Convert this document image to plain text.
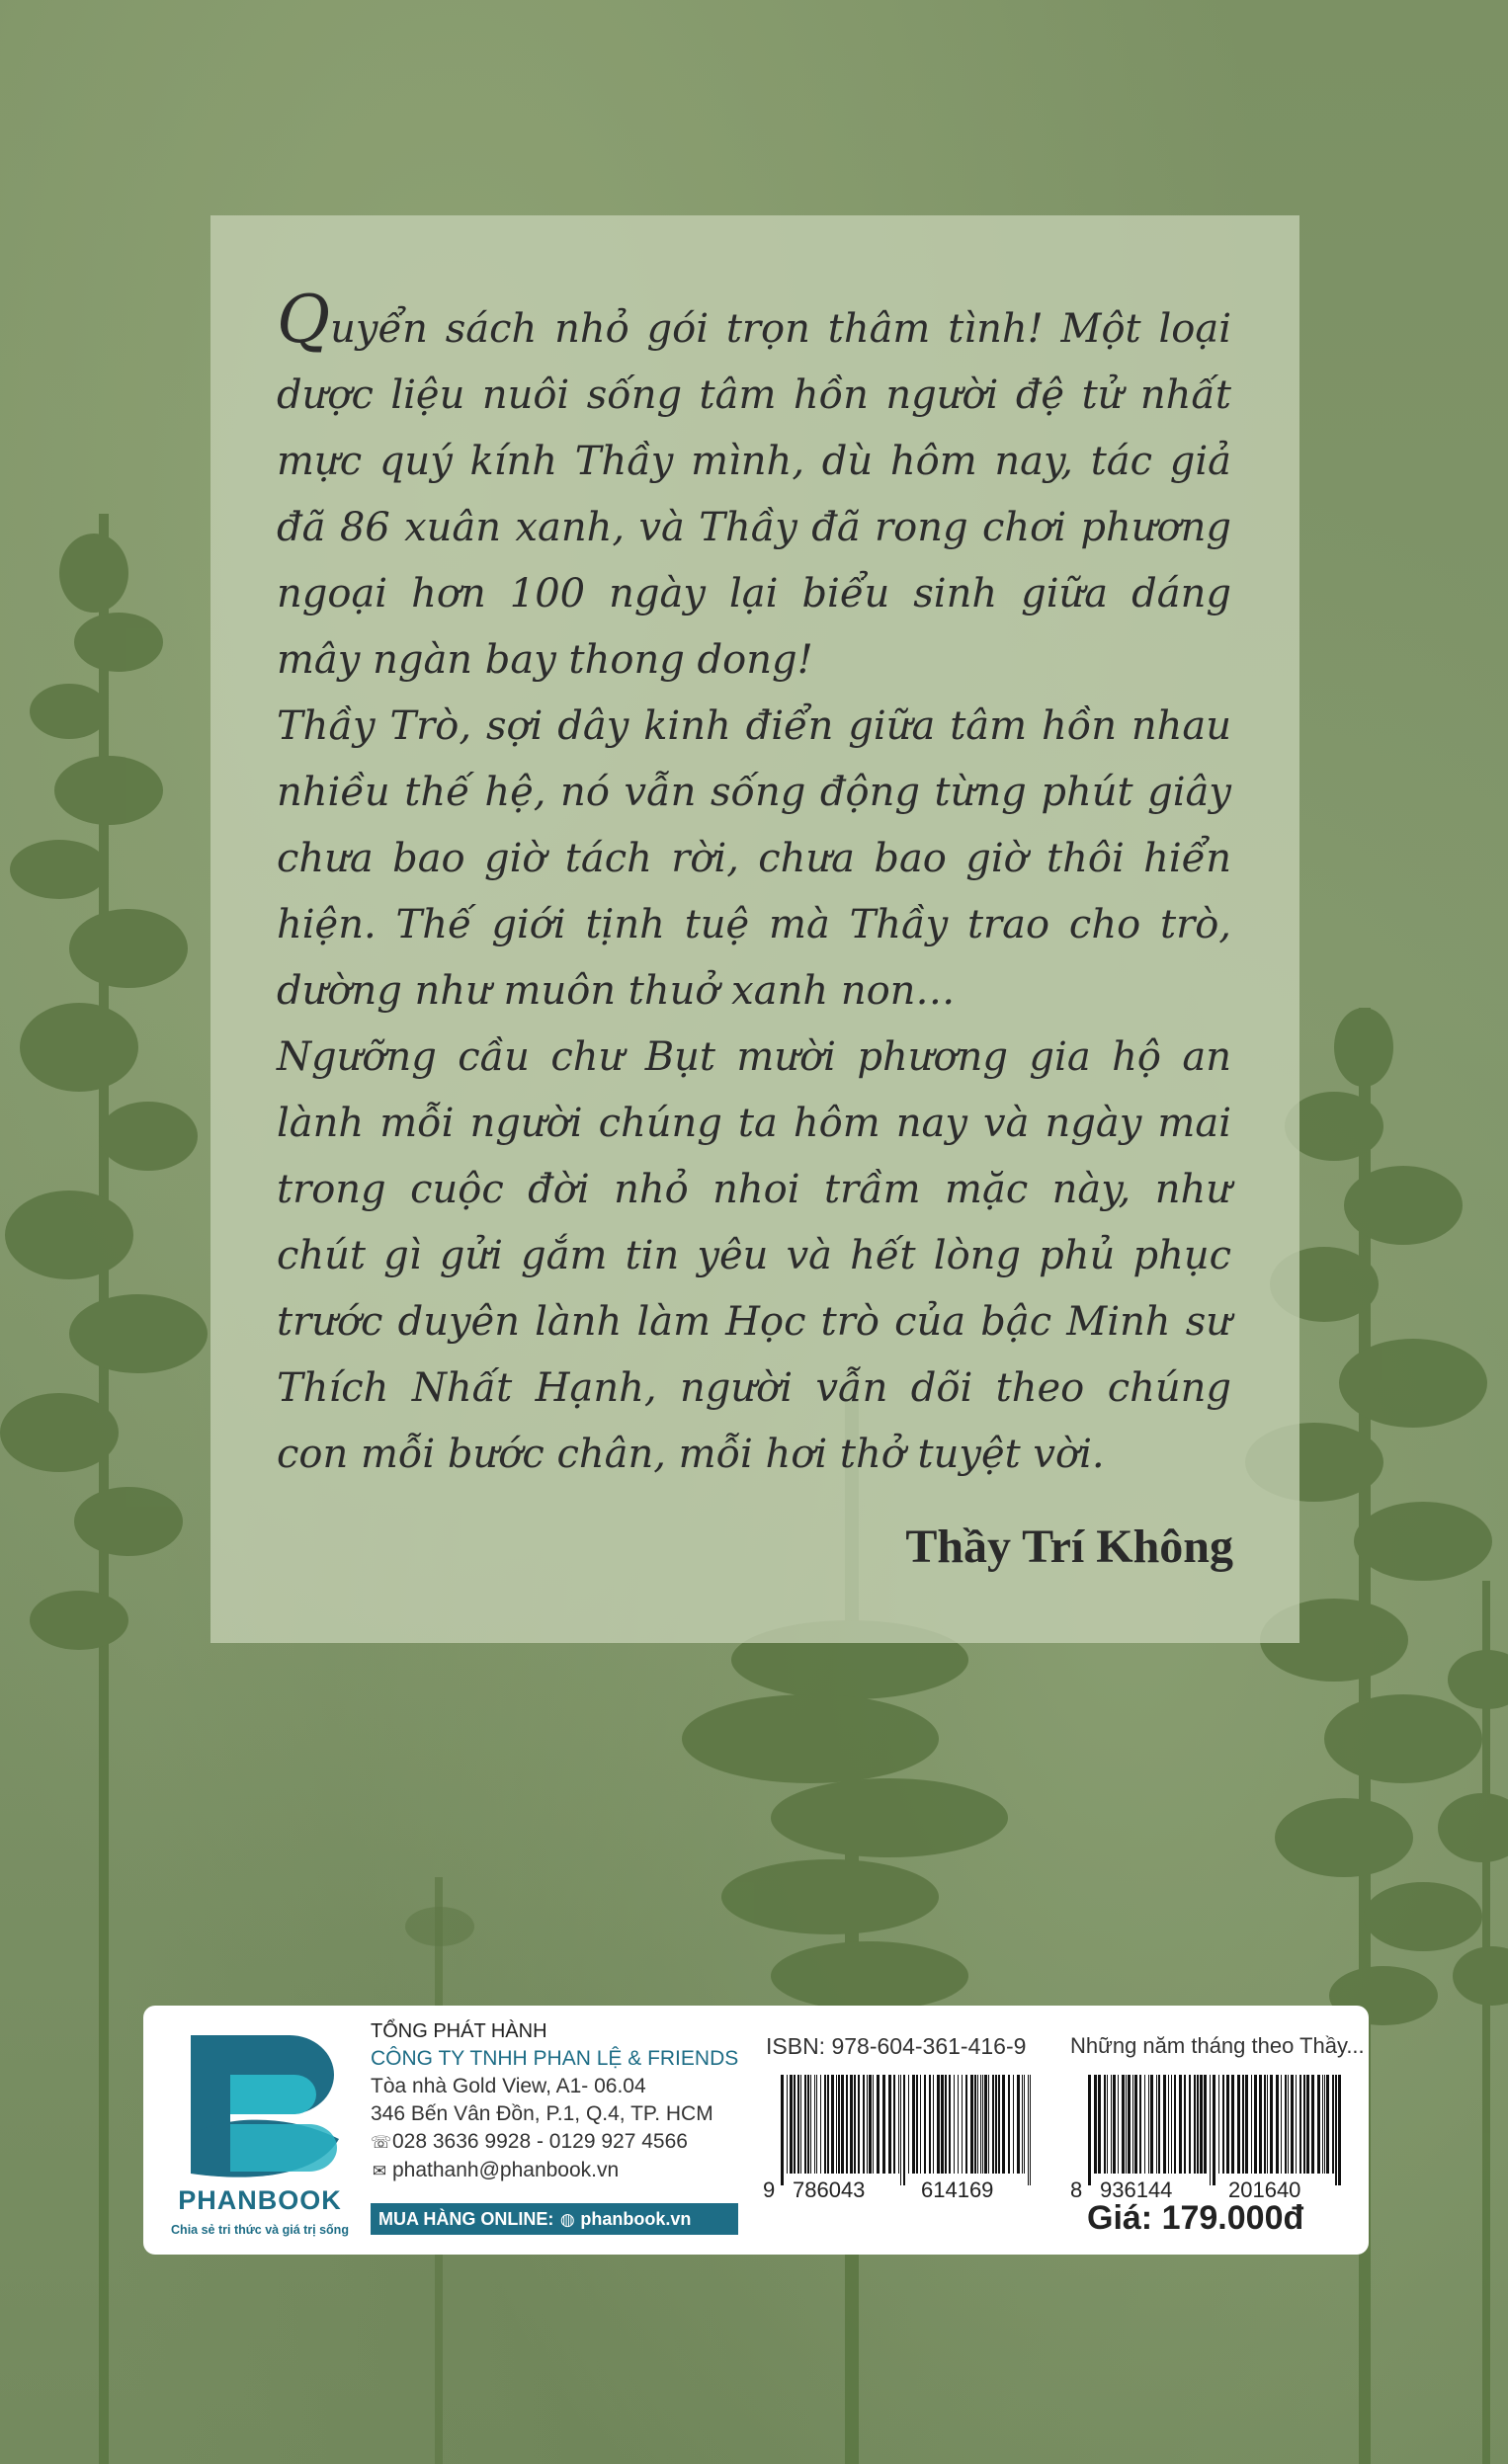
Quyển sách nhỏ gói trọn thâm tình! Một loại dược liệu nuôi sống tâm hồn người đệ tử nhất mực quý kính Thầy mình, dù hôm nay, tác giả đã 86 xuân xanh, và Thầy đã rong chơi phương ngoại hơn 100 ngày lại biểu sinh giữa dáng mây ngàn bay thong dong!

Thầy Trò, sợi dây kinh điển giữa tâm hồn nhau nhiều thế hệ, nó vẫn sống động từng phút giây chưa bao giờ tách rời, chưa bao giờ thôi hiển hiện. Thế giới tịnh tuệ mà Thầy trao cho trò, dường như muôn thuở xanh non…

Ngưỡng cầu chư Bụt mười phương gia hộ an lành mỗi người chúng ta hôm nay và ngày mai trong cuộc đời nhỏ nhoi trầm mặc này, như chút gì gửi gắm tin yêu và hết lòng phủ phục trước duyên lành làm Học trò của bậc Minh sư Thích Nhất Hạnh, người vẫn dõi theo chúng con mỗi bước chân, mỗi hơi thở tuyệt vời.

Thầy Trí Không
PHANBOOK
Chia sẻ tri thức và giá trị sống
TỔNG PHÁT HÀNH
CÔNG TY TNHH PHAN LỆ & FRIENDS
Tòa nhà Gold View, A1- 06.04
346 Bến Vân Đồn, P.1, Q.4, TP. HCM
☏028 3636 9928 - 0129 927 4566
✉ phathanh@phanbook.vn
MUA HÀNG ONLINE: ◍ phanbook.vn
ISBN: 978-604-361-416-9 Những năm tháng theo Thầy...
9 786043	614169	8 936144	201640
Giá: 179.000đ
